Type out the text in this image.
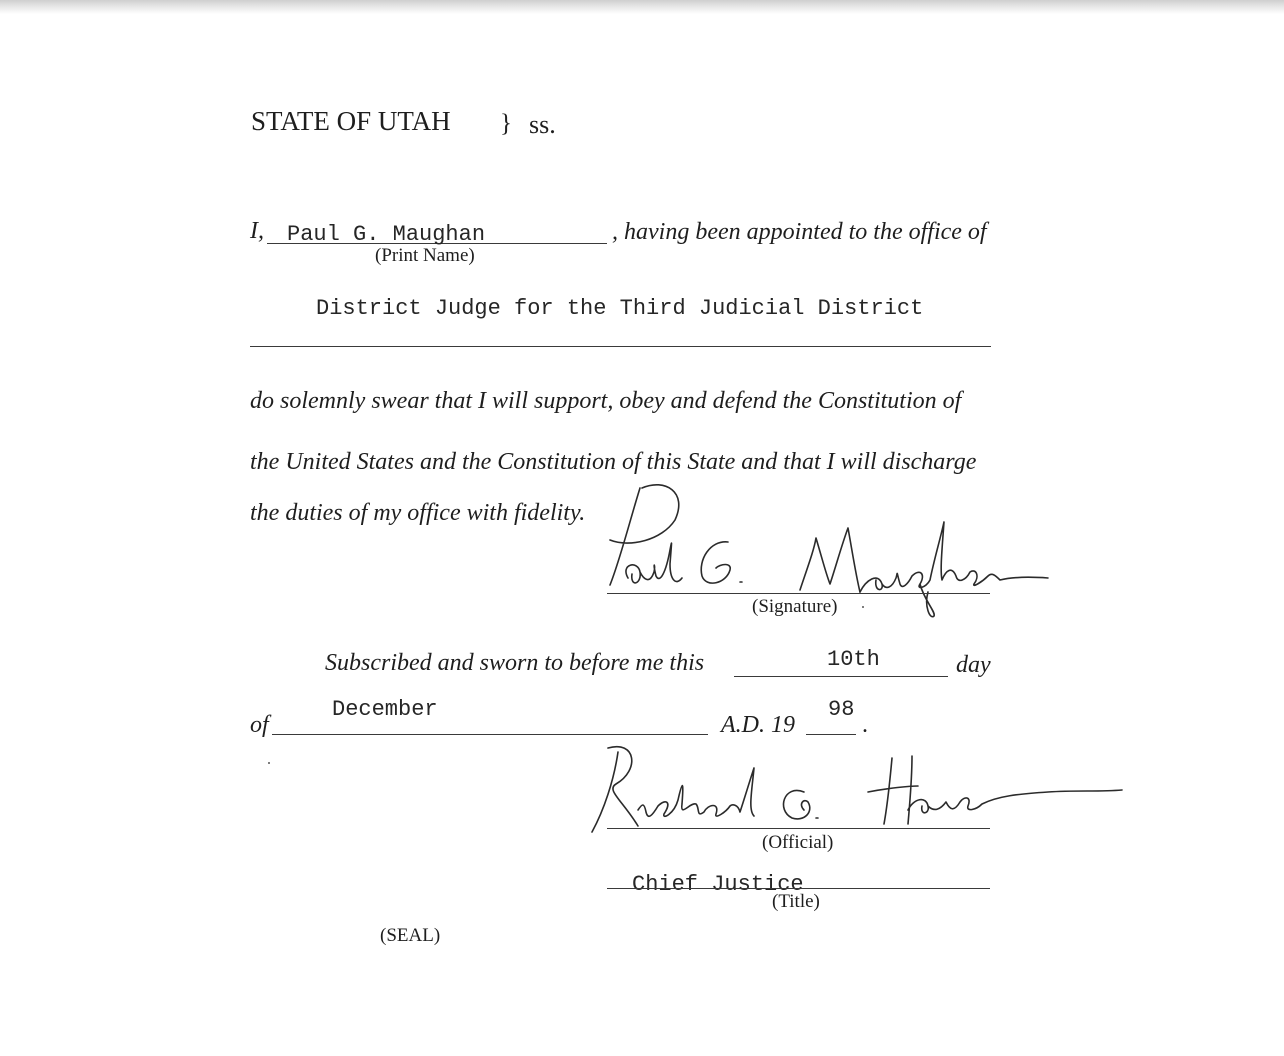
STATE OF UTAH } ss.
I, Paul G. Maughan
(Print Name)
, having been appointed to the office of
District Judge for the Third Judicial District
do solemnly swear that I will support, obey and defend the Constitution of
the United States and the Constitution of this State and that I will discharge
the duties of my office with fidelity.
(Signature)
Subscribed and sworn to before me this	10th	day
of
December
A.D. 19
98
.
(Official)
Chief Justice
(Title)
(SEAL)
